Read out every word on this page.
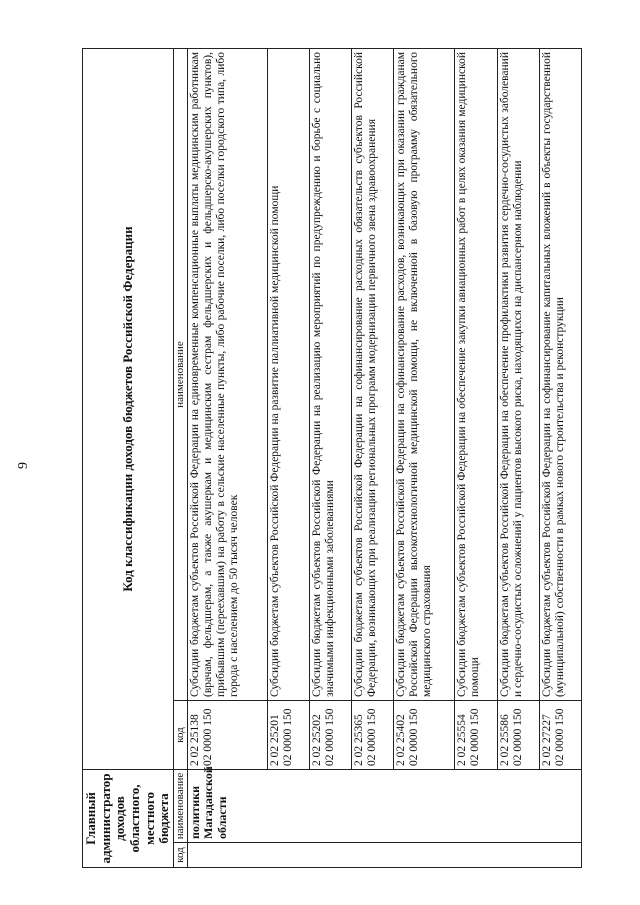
9
Главный администратор доходов областного, местного бюджета		Код классификации доходов бюджетов Российской Федерации	
код	наименование	код	наименование
	политики Магаданской области	2 02 25138 02 0000 150	Субсидии бюджетам субъектов Российской Федерации на единовременные компенсационные выплаты медицинским работникам (врачам, фельдшерам, а также акушеркам и медицинским сестрам фельдшерских и фельдшерско-акушерских пунктов), прибывшим (переехавшим) на работу в сельские населенные пункты, либо рабочие поселки, либо поселки городского типа, либо города с населением до 50 тысяч человек
		2 02 25201 02 0000 150	Субсидии бюджетам субъектов Российской Федерации на развитие паллиативной медицинской помощи
		2 02 25202 02 0000 150	Субсидии бюджетам субъектов Российской Федерации на реализацию мероприятий по предупреждению и борьбе с социально значимыми инфекционными заболеваниями
		2 02 25365 02 0000 150	Субсидии бюджетам субъектов Российской Федерации на софинансирование расходных обязательств субъектов Российской Федерации, возникающих при реализации региональных программ модернизации первичного звена здравоохранения
		2 02 25402 02 0000 150	Субсидии бюджетам субъектов Российской Федерации на софинансирование расходов, возникающих при оказании гражданам Российской Федерации высокотехнологичной медицинской помощи, не включенной в базовую программу обязательного медицинского страхования
		2 02 25554 02 0000 150	Субсидии бюджетам субъектов Российской Федерации на обеспечение закупки авиационных работ в целях оказания медицинской помощи
		2 02 25586 02 0000 150	Субсидии бюджетам субъектов Российской Федерации на обеспечение профилактики развития сердечно-сосудистых заболеваний и сердечно-сосудистых осложнений у пациентов высокого риска, находящихся на диспансерном наблюдении
		2 02 27227 02 0000 150	Субсидии бюджетам субъектов Российской Федерации на софинансирование капитальных вложений в объекты государственной (муниципальной) собственности в рамках нового строительства и реконструкции
